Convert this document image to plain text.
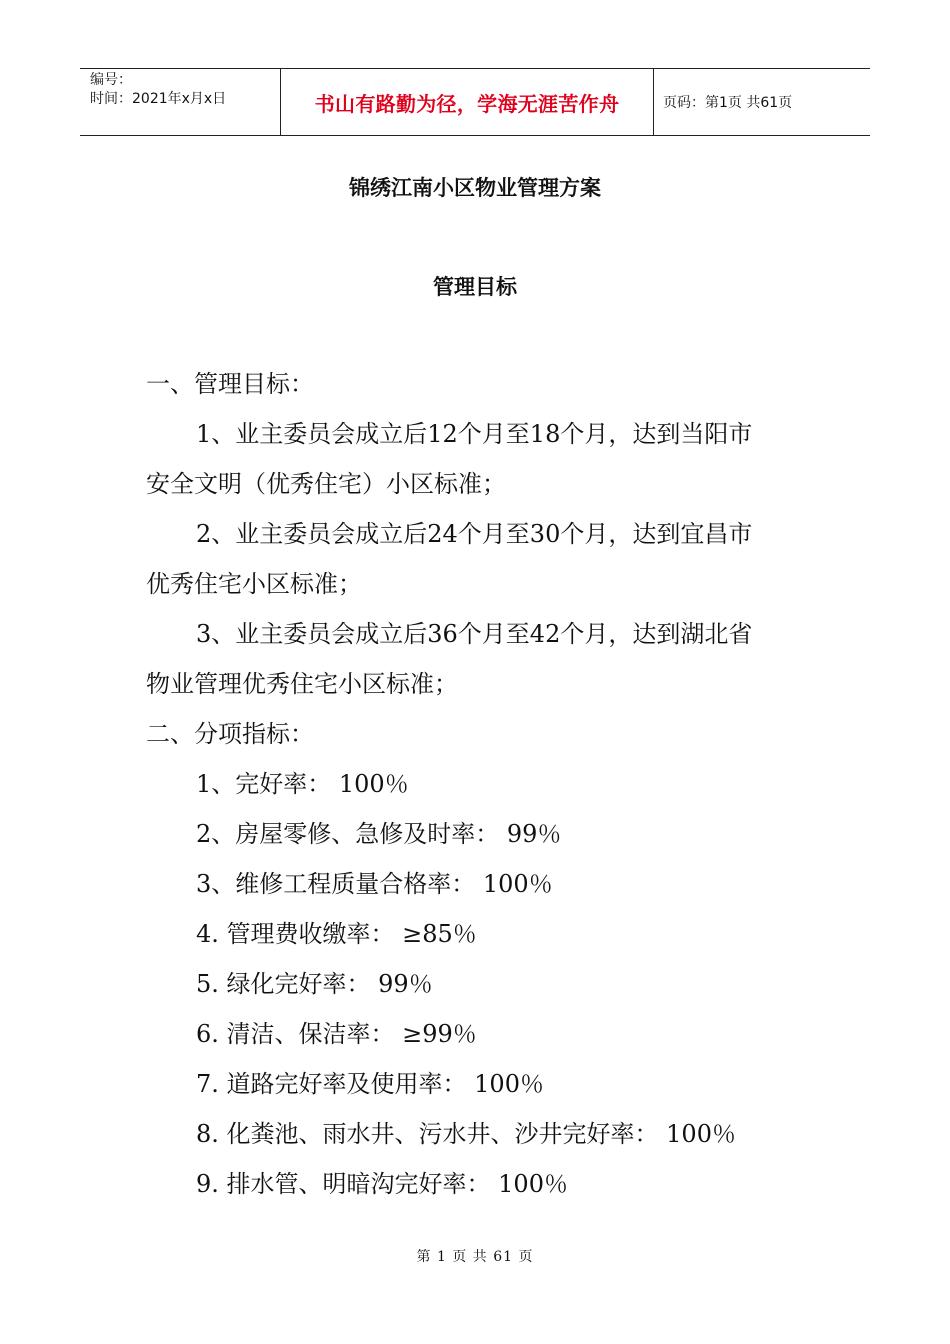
编号：
时间：2021年x月x日	书山有路勤为径，学海无涯苦作舟	页码：第1页 共61页
锦绣江南小区物业管理方案
管理目标
一、管理目标：
1、业主委员会成立后12个月至18个月，达到当阳市
安全文明（优秀住宅）小区标准；
2、业主委员会成立后24个月至30个月，达到宜昌市
优秀住宅小区标准；
3、业主委员会成立后36个月至42个月，达到湖北省
物业管理优秀住宅小区标准；
二、分项指标：
1、完好率： 100％
2、房屋零修、急修及时率： 99％
3、维修工程质量合格率： 100％
4. 管理费收缴率： ≥85％
5. 绿化完好率： 99％
6. 清洁、保洁率： ≥99％
7. 道路完好率及使用率： 100％
8. 化粪池、雨水井、污水井、沙井完好率： 100％
9. 排水管、明暗沟完好率： 100％
第 1 页 共 61 页
